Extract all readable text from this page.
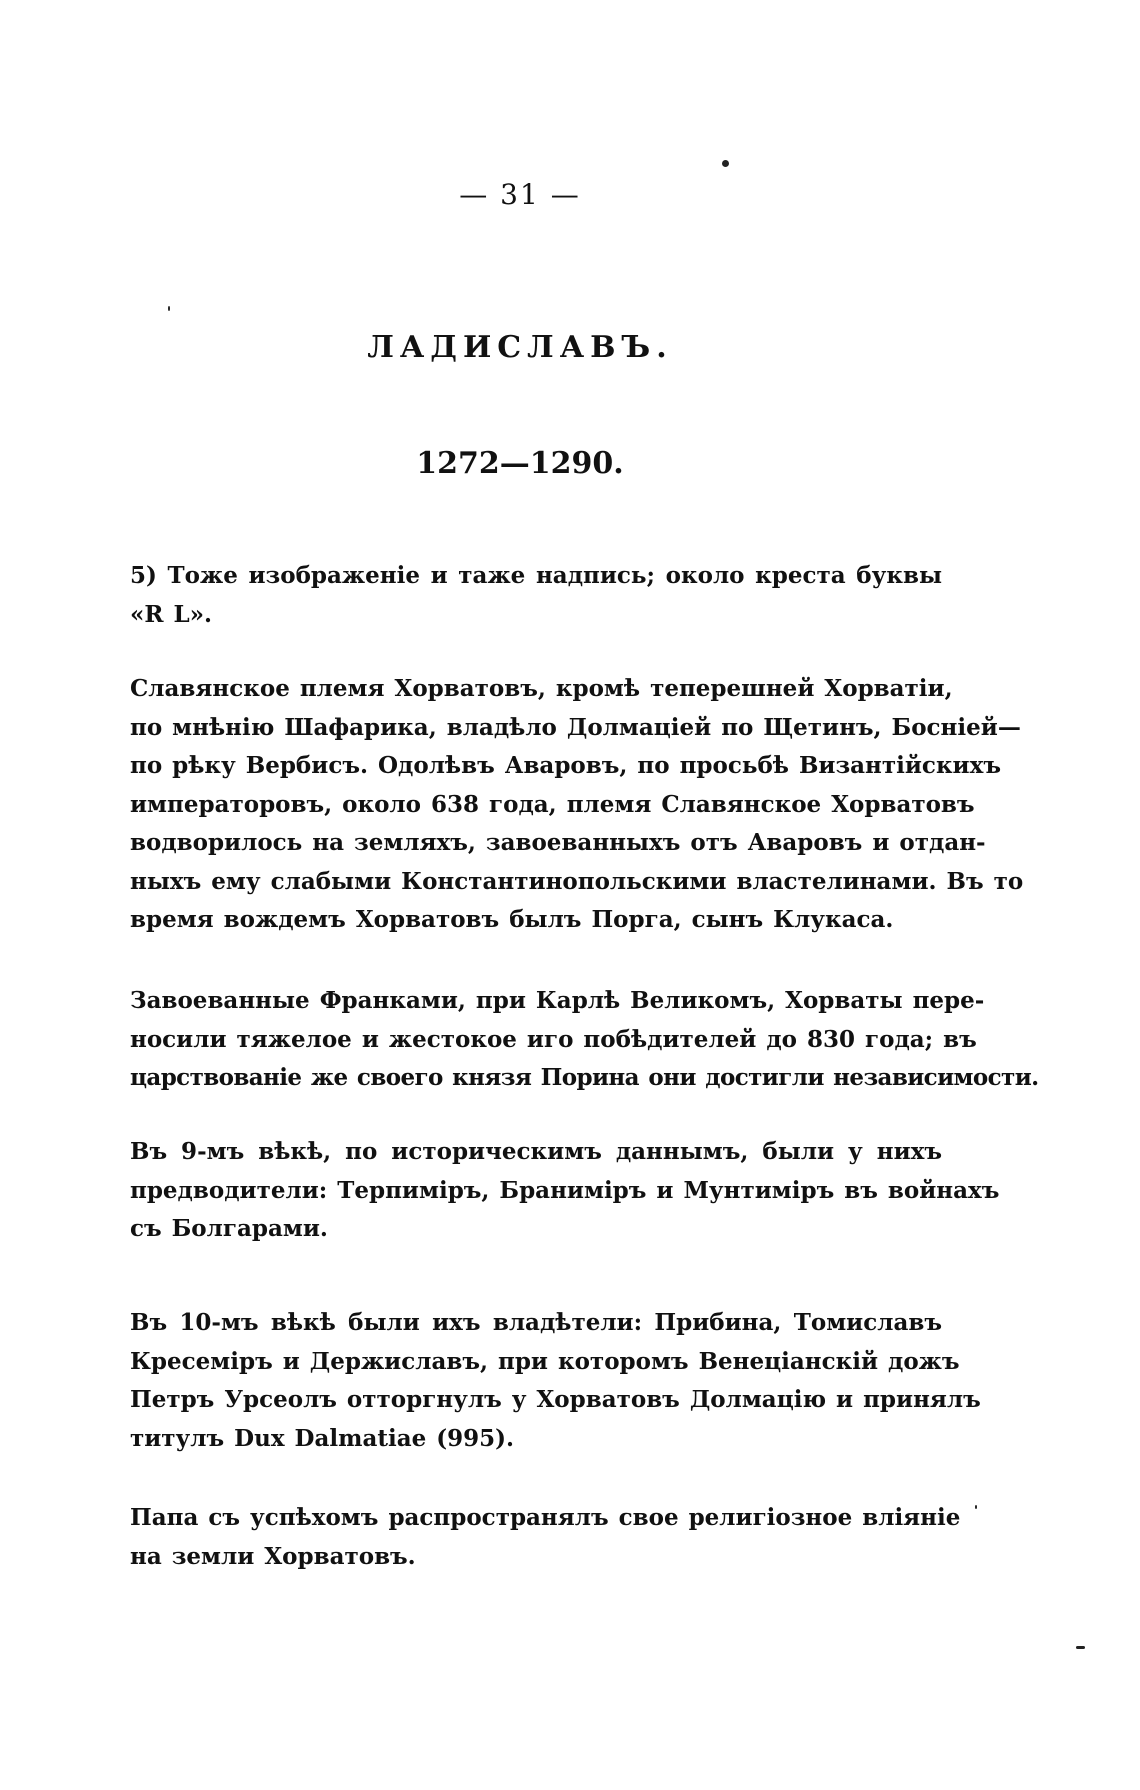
— 31 —
ЛАДИСЛАВЪ.
1272—1290.
5) Тоже изображеніе и таже надпись; около креста буквы
«R L».
Славянское племя Хорватовъ, кромѣ теперешней Хорватіи,
по мнѣнію Шафарика, владѣло Долмаціей по Щетинъ, Босніей—
по рѣку Вербисъ. Одолѣвъ Аваровъ, по просьбѣ Византійскихъ
императоровъ, около 638 года, племя Славянское Хорватовъ
водворилось на земляхъ, завоеванныхъ отъ Аваровъ и отдан-
ныхъ ему слабыми Константинопольскими властелинами. Въ то
время вождемъ Хорватовъ былъ Порга, сынъ Клукаса.
Завоеванные Франками, при Карлѣ Великомъ, Хорваты пере-
носили тяжелое и жестокое иго побѣдителей до 830 года; въ
царствованіе же своего князя Порина они достигли независимости.
Въ 9-мъ вѣкѣ, по историческимъ даннымъ, были у нихъ
предводители: Терпиміръ, Браниміръ и Мунтиміръ въ войнахъ
съ Болгарами.
Въ 10-мъ вѣкѣ были ихъ владѣтели: Прибина, Томиславъ
Кресеміръ и Держиславъ, при которомъ Венеціанскій дожъ
Петръ Урсеолъ отторгнулъ у Хорватовъ Долмацію и принялъ
титулъ Dux Dalmatiae (995).
Папа съ успѣхомъ распространялъ свое религіозное вліяніе
на земли Хорватовъ.
